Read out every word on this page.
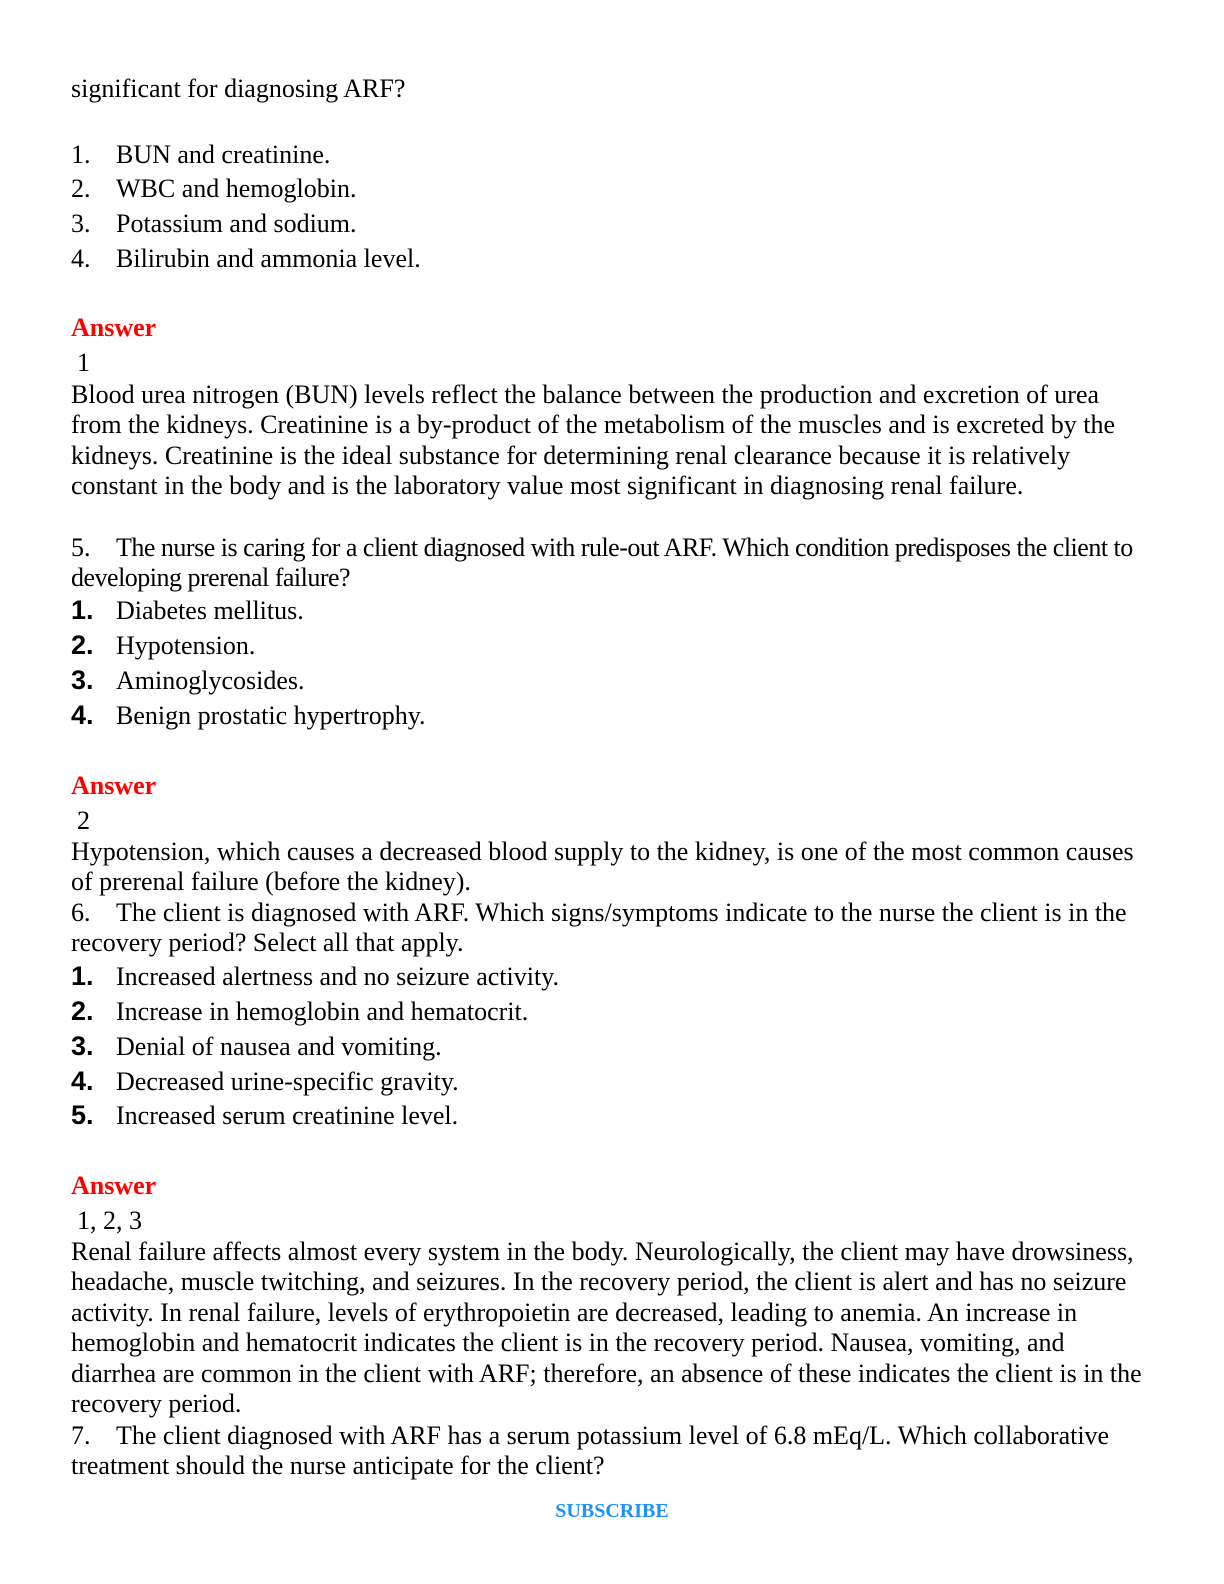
significant for diagnosing ARF?
1. BUN and creatinine.
2. WBC and hemoglobin.
3. Potassium and sodium.
4. Bilirubin and ammonia level.
Answer
1
Blood urea nitrogen (BUN) levels reflect the balance between the production and excretion of urea from the kidneys. Creatinine is a by-product of the metabolism of the muscles and is excreted by the kidneys. Creatinine is the ideal substance for determining renal clearance because it is relatively constant in the body and is the laboratory value most significant in diagnosing renal failure.
5. The nurse is caring for a client diagnosed with rule-out ARF. Which condition predisposes the client to developing prerenal failure?
1. Diabetes mellitus.
2. Hypotension.
3. Aminoglycosides.
4. Benign prostatic hypertrophy.
Answer
2
Hypotension, which causes a decreased blood supply to the kidney, is one of the most common causes of prerenal failure (before the kidney).
6. The client is diagnosed with ARF. Which signs/symptoms indicate to the nurse the client is in the recovery period? Select all that apply.
1. Increased alertness and no seizure activity.
2. Increase in hemoglobin and hematocrit.
3. Denial of nausea and vomiting.
4. Decreased urine-specific gravity.
5. Increased serum creatinine level.
Answer
1, 2, 3
Renal failure affects almost every system in the body. Neurologically, the client may have drowsiness, headache, muscle twitching, and seizures. In the recovery period, the client is alert and has no seizure activity. In renal failure, levels of erythropoietin are decreased, leading to anemia. An increase in hemoglobin and hematocrit indicates the client is in the recovery period. Nausea, vomiting, and diarrhea are common in the client with ARF; therefore, an absence of these indicates the client is in the recovery period.
7. The client diagnosed with ARF has a serum potassium level of 6.8 mEq/L. Which collaborative treatment should the nurse anticipate for the client?
SUBSCRIBE
